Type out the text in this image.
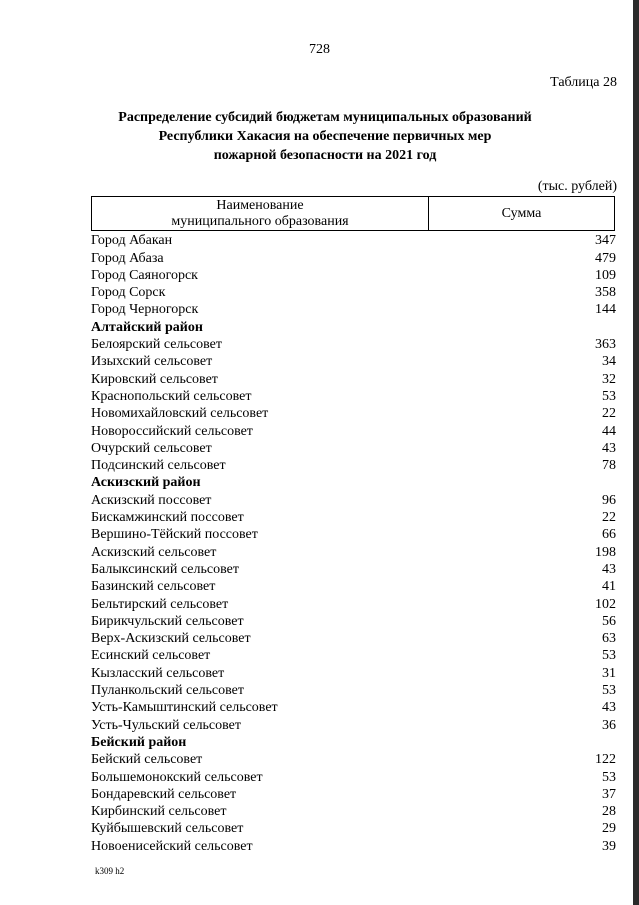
728
Таблица 28
Распределение субсидий бюджетам муниципальных образований
Республики Хакасия на обеспечение первичных мер
пожарной безопасности на 2021 год
(тыс. рублей)
Наименование
муниципального образования
Сумма
Город Абакан	347
Город Абаза	479
Город Саяногорск	109
Город Сорск	358
Город Черногорск	144
Алтайский район
Белоярский сельсовет	363
Изыхский сельсовет	34
Кировский сельсовет	32
Краснопольский сельсовет	53
Новомихайловский сельсовет	22
Новороссийский сельсовет	44
Очурский сельсовет	43
Подсинский сельсовет	78
Аскизский район
Аскизский поссовет	96
Бискамжинский поссовет	22
Вершино-Тёйский поссовет	66
Аскизский сельсовет	198
Балыксинский сельсовет	43
Базинский сельсовет	41
Бельтирский сельсовет	102
Бирикчульский сельсовет	56
Верх-Аскизский сельсовет	63
Есинский сельсовет	53
Кызласский сельсовет	31
Пуланкольский сельсовет	53
Усть-Камыштинский сельсовет	43
Усть-Чульский сельсовет	36
Бейский район
Бейский сельсовет	122
Большемонокский сельсовет	53
Бондаревский сельсовет	37
Кирбинский сельсовет	28
Куйбышевский сельсовет	29
Новоенисейский сельсовет	39
k309 h2
